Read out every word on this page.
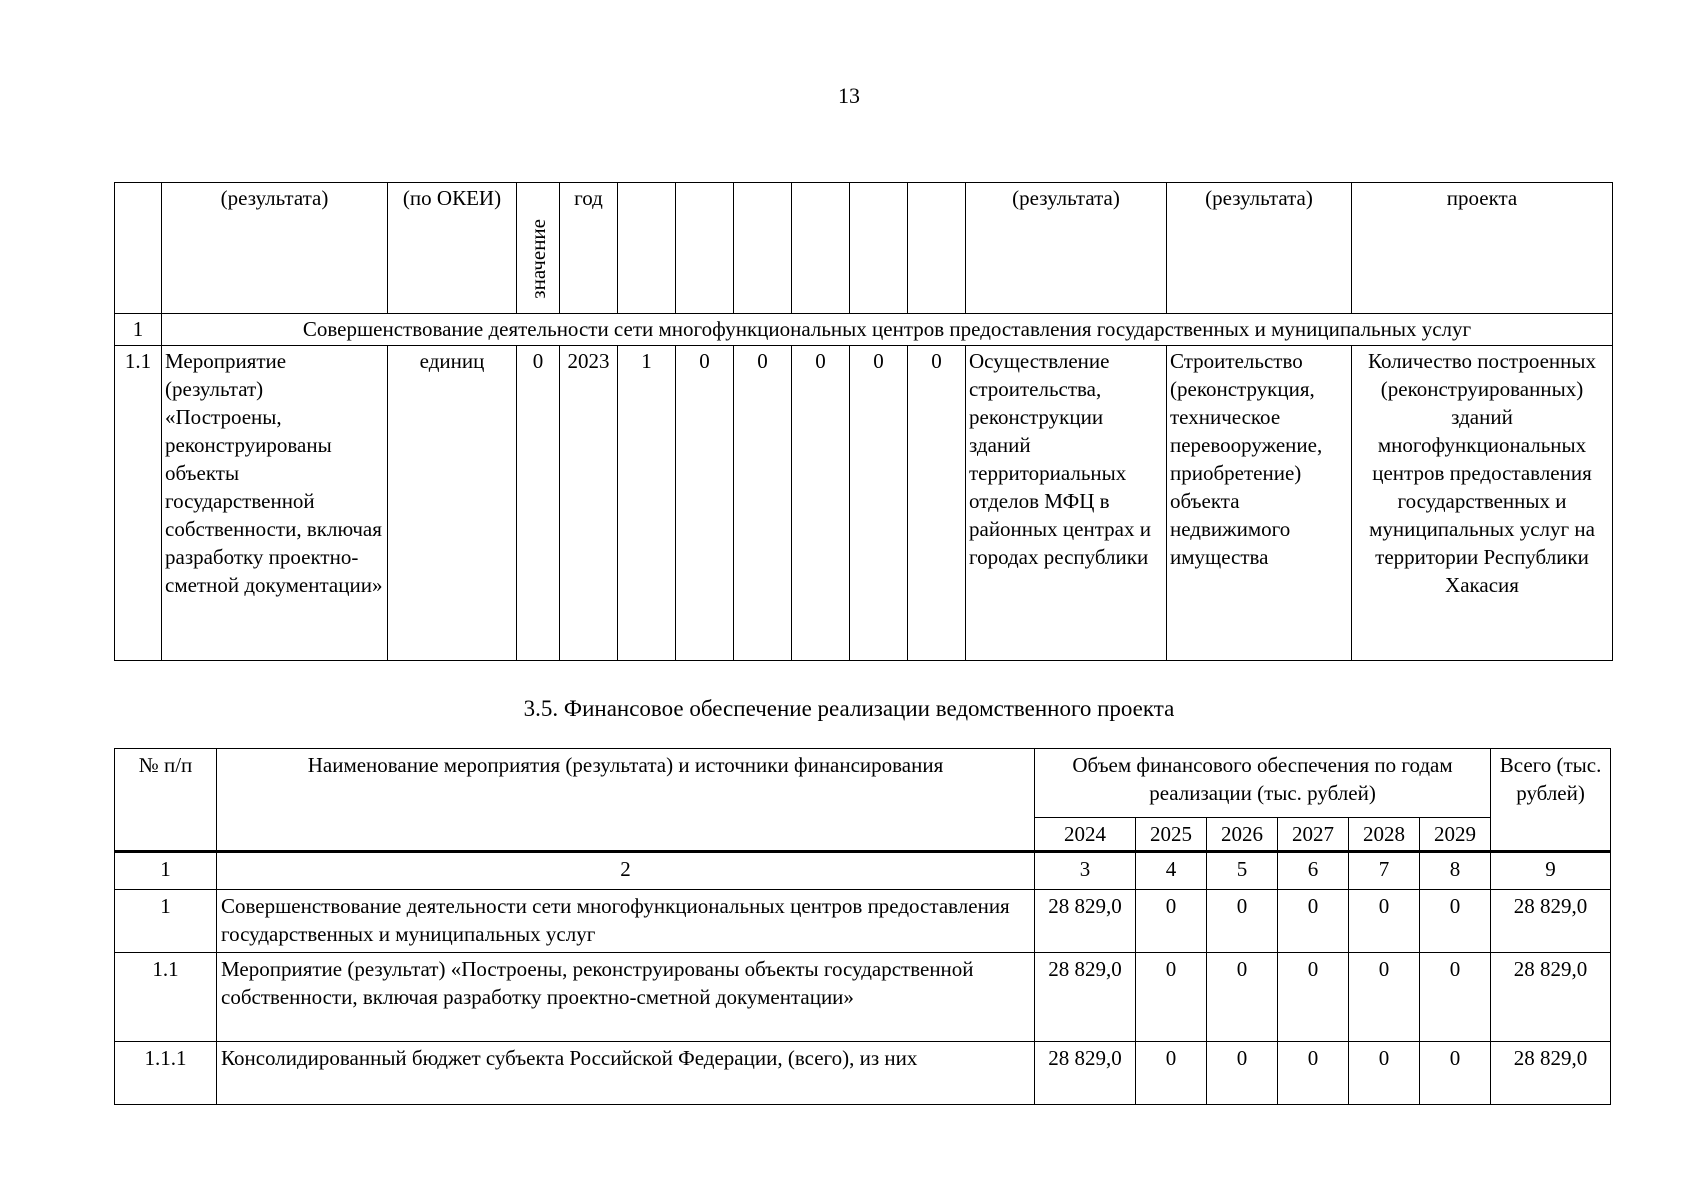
13
	(результата)	(по ОКЕИ)	значение	год							(результата)	(результата)	проекта
1	Совершенствование деятельности сети многофункциональных центров предоставления государственных и муниципальных услуг												
1.1	Мероприятие (результат) «Построены, реконструированы объекты государственной собственности, включая разработку проектно-сметной документации»	единиц	0	2023	1	0	0	0	0	0	Осуществление строительства, реконструкции зданий территориальных отделов МФЦ в районных центрах и городах республики	Строительство (реконструкция, техническое перевооружение, приобретение) объекта недвижимого имущества	Количество построенных (реконструированных) зданий многофункциональных центров предоставления государственных и муниципальных услуг на территории Республики Хакасия
3.5. Финансовое обеспечение реализации ведомственного проекта
№ п/п	Наименование мероприятия (результата) и источники финансирования	Объем финансового обеспечения по годам реализации (тыс. рублей)						Всего (тыс. рублей)
		2024	2025	2026	2027	2028	2029	
1	2	3	4	5	6	7	8	9
1	Совершенствование деятельности сети многофункциональных центров предоставления государственных и муниципальных услуг	28 829,0	0	0	0	0	0	28 829,0
1.1	Мероприятие (результат) «Построены, реконструированы объекты государственной собственности, включая разработку проектно-сметной документации»	28 829,0	0	0	0	0	0	28 829,0
1.1.1	Консолидированный бюджет субъекта Российской Федерации, (всего), из них	28 829,0	0	0	0	0	0	28 829,0
